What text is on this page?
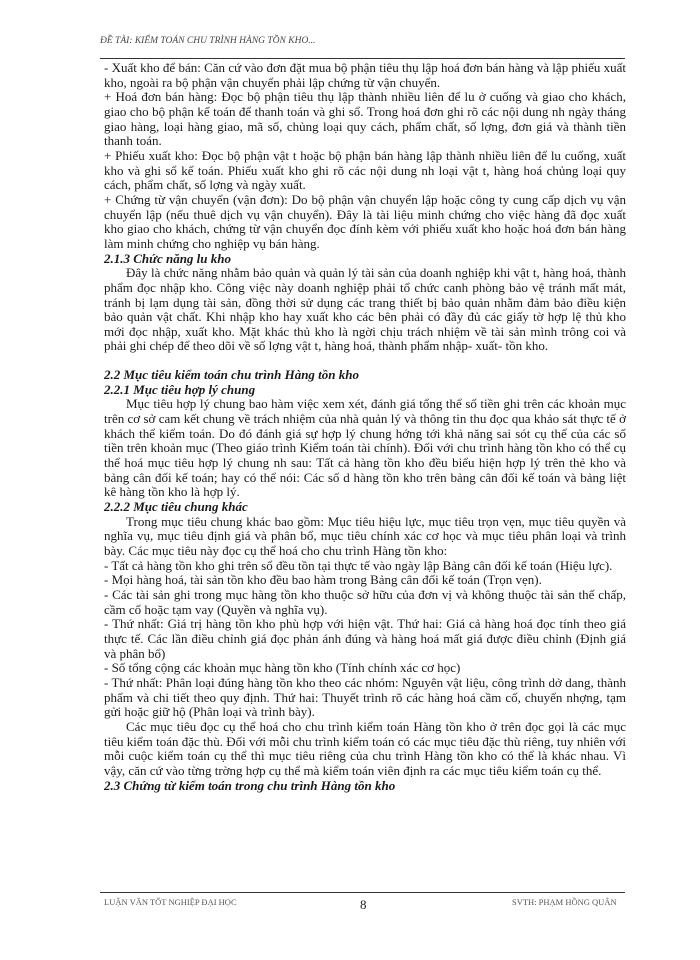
ĐỀ TÀI: KIỂM TOÁN CHU TRÌNH HÀNG TỒN KHO...

- Xuất kho để bán: Căn cứ vào đơn đặt mua bộ phận tiêu thụ lập hoá đơn bán hàng và lập phiếu xuất kho, ngoài ra bộ phận vận chuyển phải lập chứng từ vận chuyển.

+ Hoá đơn bán hàng: Đọc bộ phận tiêu thụ lập thành nhiều liên để lu ở cuống và giao cho khách, giao cho bộ phận kế toán để thanh toán và ghi sổ. Trong hoá đơn ghi rõ các nội dung nh ngày tháng giao hàng, loại hàng giao, mã số, chủng loại quy cách, phẩm chất, số lợng, đơn giá và thành tiền thanh toán.

+ Phiếu xuất kho: Đọc bộ phận vật t hoặc bộ phận bán hàng lập thành nhiều liên để lu cuống, xuất kho và ghi sổ kế toán. Phiếu xuất kho ghi rõ các nội dung nh loại vật t, hàng hoá chủng loại quy cách, phẩm chất, số lợng và ngày xuất.

+ Chứng từ vận chuyển (vận đơn): Do bộ phận vận chuyển lập hoặc công ty cung cấp dịch vụ vận chuyển lập (nếu thuê dịch vụ vận chuyển). Đây là tài liệu minh chứng cho việc hàng đã đọc xuất kho giao cho khách, chứng từ vận chuyển đọc đính kèm với phiếu xuất kho hoặc hoá đơn bán hàng làm minh chứng cho nghiệp vụ bán hàng.

2.1.3 Chức năng lu kho

Đây là chức năng nhằm bảo quản và quản lý tài sản của doanh nghiệp khi vật t, hàng hoá, thành phẩm đọc nhập kho. Công việc này doanh nghiệp phải tổ chức canh phòng bảo vệ tránh mất mát, tránh bị lạm dụng tài sản, đồng thời sử dụng các trang thiết bị bảo quản nhằm đảm bảo điều kiện bảo quản vật chất. Khi nhập kho hay xuất kho các bên phải có đầy đủ các giấy tờ hợp lệ thủ kho mới đọc nhập, xuất kho. Mặt khác thủ kho là ngời chịu trách nhiệm về tài sản mình trông coi và phải ghi chép để theo dõi về số lợng vật t, hàng hoá, thành phẩm nhập- xuất- tồn kho.

2.2 Mục tiêu kiểm toán chu trình Hàng tồn kho
2.2.1 Mục tiêu hợp lý chung

Mục tiêu hợp lý chung bao hàm việc xem xét, đánh giá tổng thể số tiền ghi trên các khoản mục trên cơ sở cam kết chung về trách nhiệm của nhà quản lý và thông tin thu đọc qua khảo sát thực tế ở khách thể kiểm toán. Do đó đánh giá sự hợp lý chung hớng tới khả năng sai sót cụ thể của các số tiền trên khoản mục (Theo giáo trình Kiểm toán tài chính). Đối với chu trình hàng tồn kho có thể cụ thể hoá mục tiêu hợp lý chung nh sau: Tất cả hàng tồn kho đều biểu hiện hợp lý trên thẻ kho và bảng cân đối kế toán; hay có thể nói: Các số d hàng tồn kho trên bảng cân đối kế toán và bảng liệt kê hàng tồn kho là hợp lý.

2.2.2 Mục tiêu chung khác

Trong mục tiêu chung khác bao gồm: Mục tiêu hiệu lực, mục tiêu trọn vẹn, mục tiêu quyền và nghĩa vụ, mục tiêu định giá và phân bổ, mục tiêu chính xác cơ học và mục tiêu phân loại và trình bày. Các mục tiêu này đọc cụ thể hoá cho chu trình Hàng tồn kho:

- Tất cả hàng tồn kho ghi trên sổ đều tồn tại thực tế vào ngày lập Bảng cân đối kế toán (Hiệu lực).

- Mọi hàng hoá, tài sản tồn kho đều bao hàm trong Bảng cân đối kế toán (Trọn vẹn).

- Các tài sản ghi trong mục hàng tồn kho thuộc sở hữu của đơn vị và không thuộc tài sản thế chấp, cầm cố hoặc tạm vay (Quyền và nghĩa vụ).

- Thứ nhất: Giá trị hàng tồn kho phù hợp với hiện vật. Thứ hai: Giá cả hàng hoá đọc tính theo giá thực tế. Các lần điều chỉnh giá đọc phản ánh đúng và hàng hoá mất giá được điều chỉnh (Định giá và phân bổ)

- Số tổng cộng các khoản mục hàng tồn kho (Tính chính xác cơ học)

- Thứ nhất: Phân loại đúng hàng tồn kho theo các nhóm: Nguyên vật liệu, công trình dở dang, thành phẩm và chi tiết theo quy định. Thứ hai: Thuyết trình rõ các hàng hoá cầm cố, chuyển nhợng, tạm gửi hoặc giữ hộ (Phân loại và trình bày).

Các mục tiêu đọc cụ thể hoá cho chu trình kiểm toán Hàng tồn kho ở trên đọc gọi là các mục tiêu kiểm toán đặc thù. Đối với mỗi chu trình kiểm toán có các mục tiêu đặc thù riêng, tuy nhiên với mỗi cuộc kiểm toán cụ thể thì mục tiêu riêng của chu trình Hàng tồn kho có thể là khác nhau. Vì vậy, căn cứ vào từng trờng hợp cụ thể mà kiểm toán viên định ra các mục tiêu kiểm toán cụ thể.

2.3 Chứng từ kiểm toán trong chu trình Hàng tồn kho
LUẬN VĂN TỐT NGHIỆP ĐẠI HỌC	8	SVTH: PHẠM HỒNG QUÂN
